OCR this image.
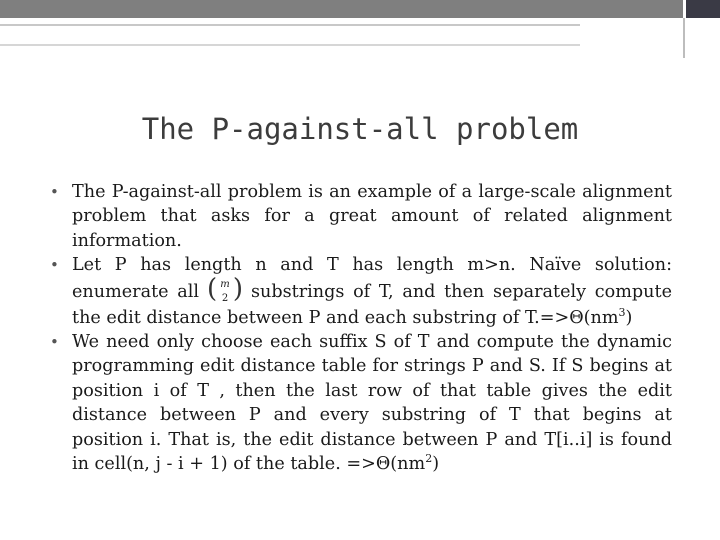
The P-against-all problem
• The P-against-all problem is an example of a large-scale alignment problem that asks for a great amount of related alignment information.
• Let P has length n and T has length m>n. Naïve solution: enumerate all ( m
2 ) substrings of T, and then separately compute the edit distance between P and each substring of $T.=>\Theta(nm^3)$
• We need only choose each suffix S of T and compute the dynamic programming edit distance table for strings P and S. If S begins at position i of T , then the last row of that table gives the edit distance between P and every substring of T that begins at position i. That is, the edit distance between P and T[i..i] is found in cell(n, j - i + 1) of the table. $=>\Theta(nm^2)$
